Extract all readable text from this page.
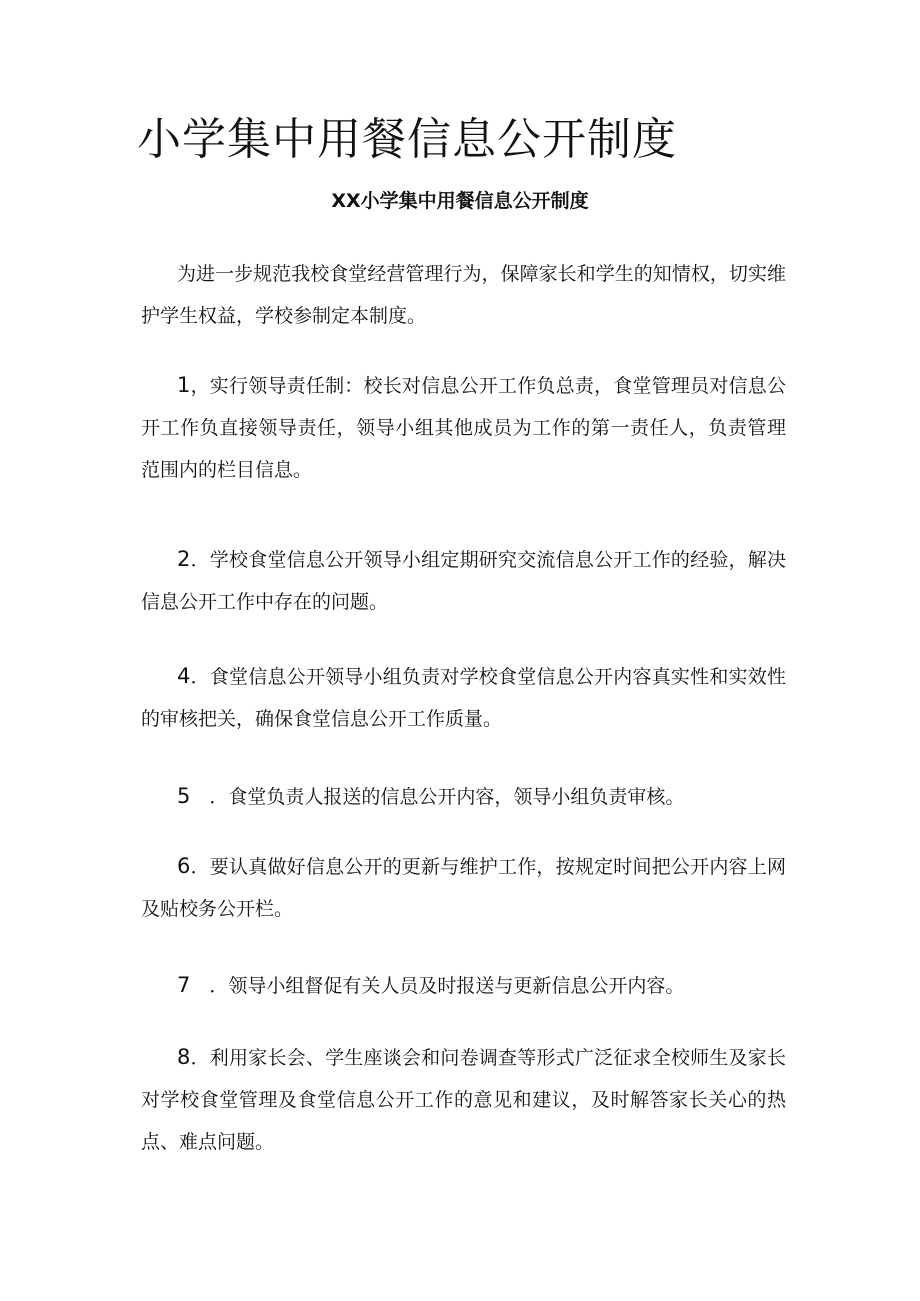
小学集中用餐信息公开制度
XX小学集中用餐信息公开制度

为进一步规范我校食堂经营管理行为，保障家长和学生的知情权，切实维护学生权益，学校参制定本制度。

1，实行领导责任制：校长对信息公开工作负总责，食堂管理员对信息公开工作负直接领导责任，领导小组其他成员为工作的第一责任人，负责管理范围内的栏目信息。

2．学校食堂信息公开领导小组定期研究交流信息公开工作的经验，解决信息公开工作中存在的问题。

4．食堂信息公开领导小组负责对学校食堂信息公开内容真实性和实效性的审核把关，确保食堂信息公开工作质量。

5　．食堂负责人报送的信息公开内容，领导小组负责审核。

6．要认真做好信息公开的更新与维护工作，按规定时间把公开内容上网及贴校务公开栏。

7　．领导小组督促有关人员及时报送与更新信息公开内容。

8．利用家长会、学生座谈会和问卷调查等形式广泛征求全校师生及家长对学校食堂管理及食堂信息公开工作的意见和建议，及时解答家长关心的热点、难点问题。
